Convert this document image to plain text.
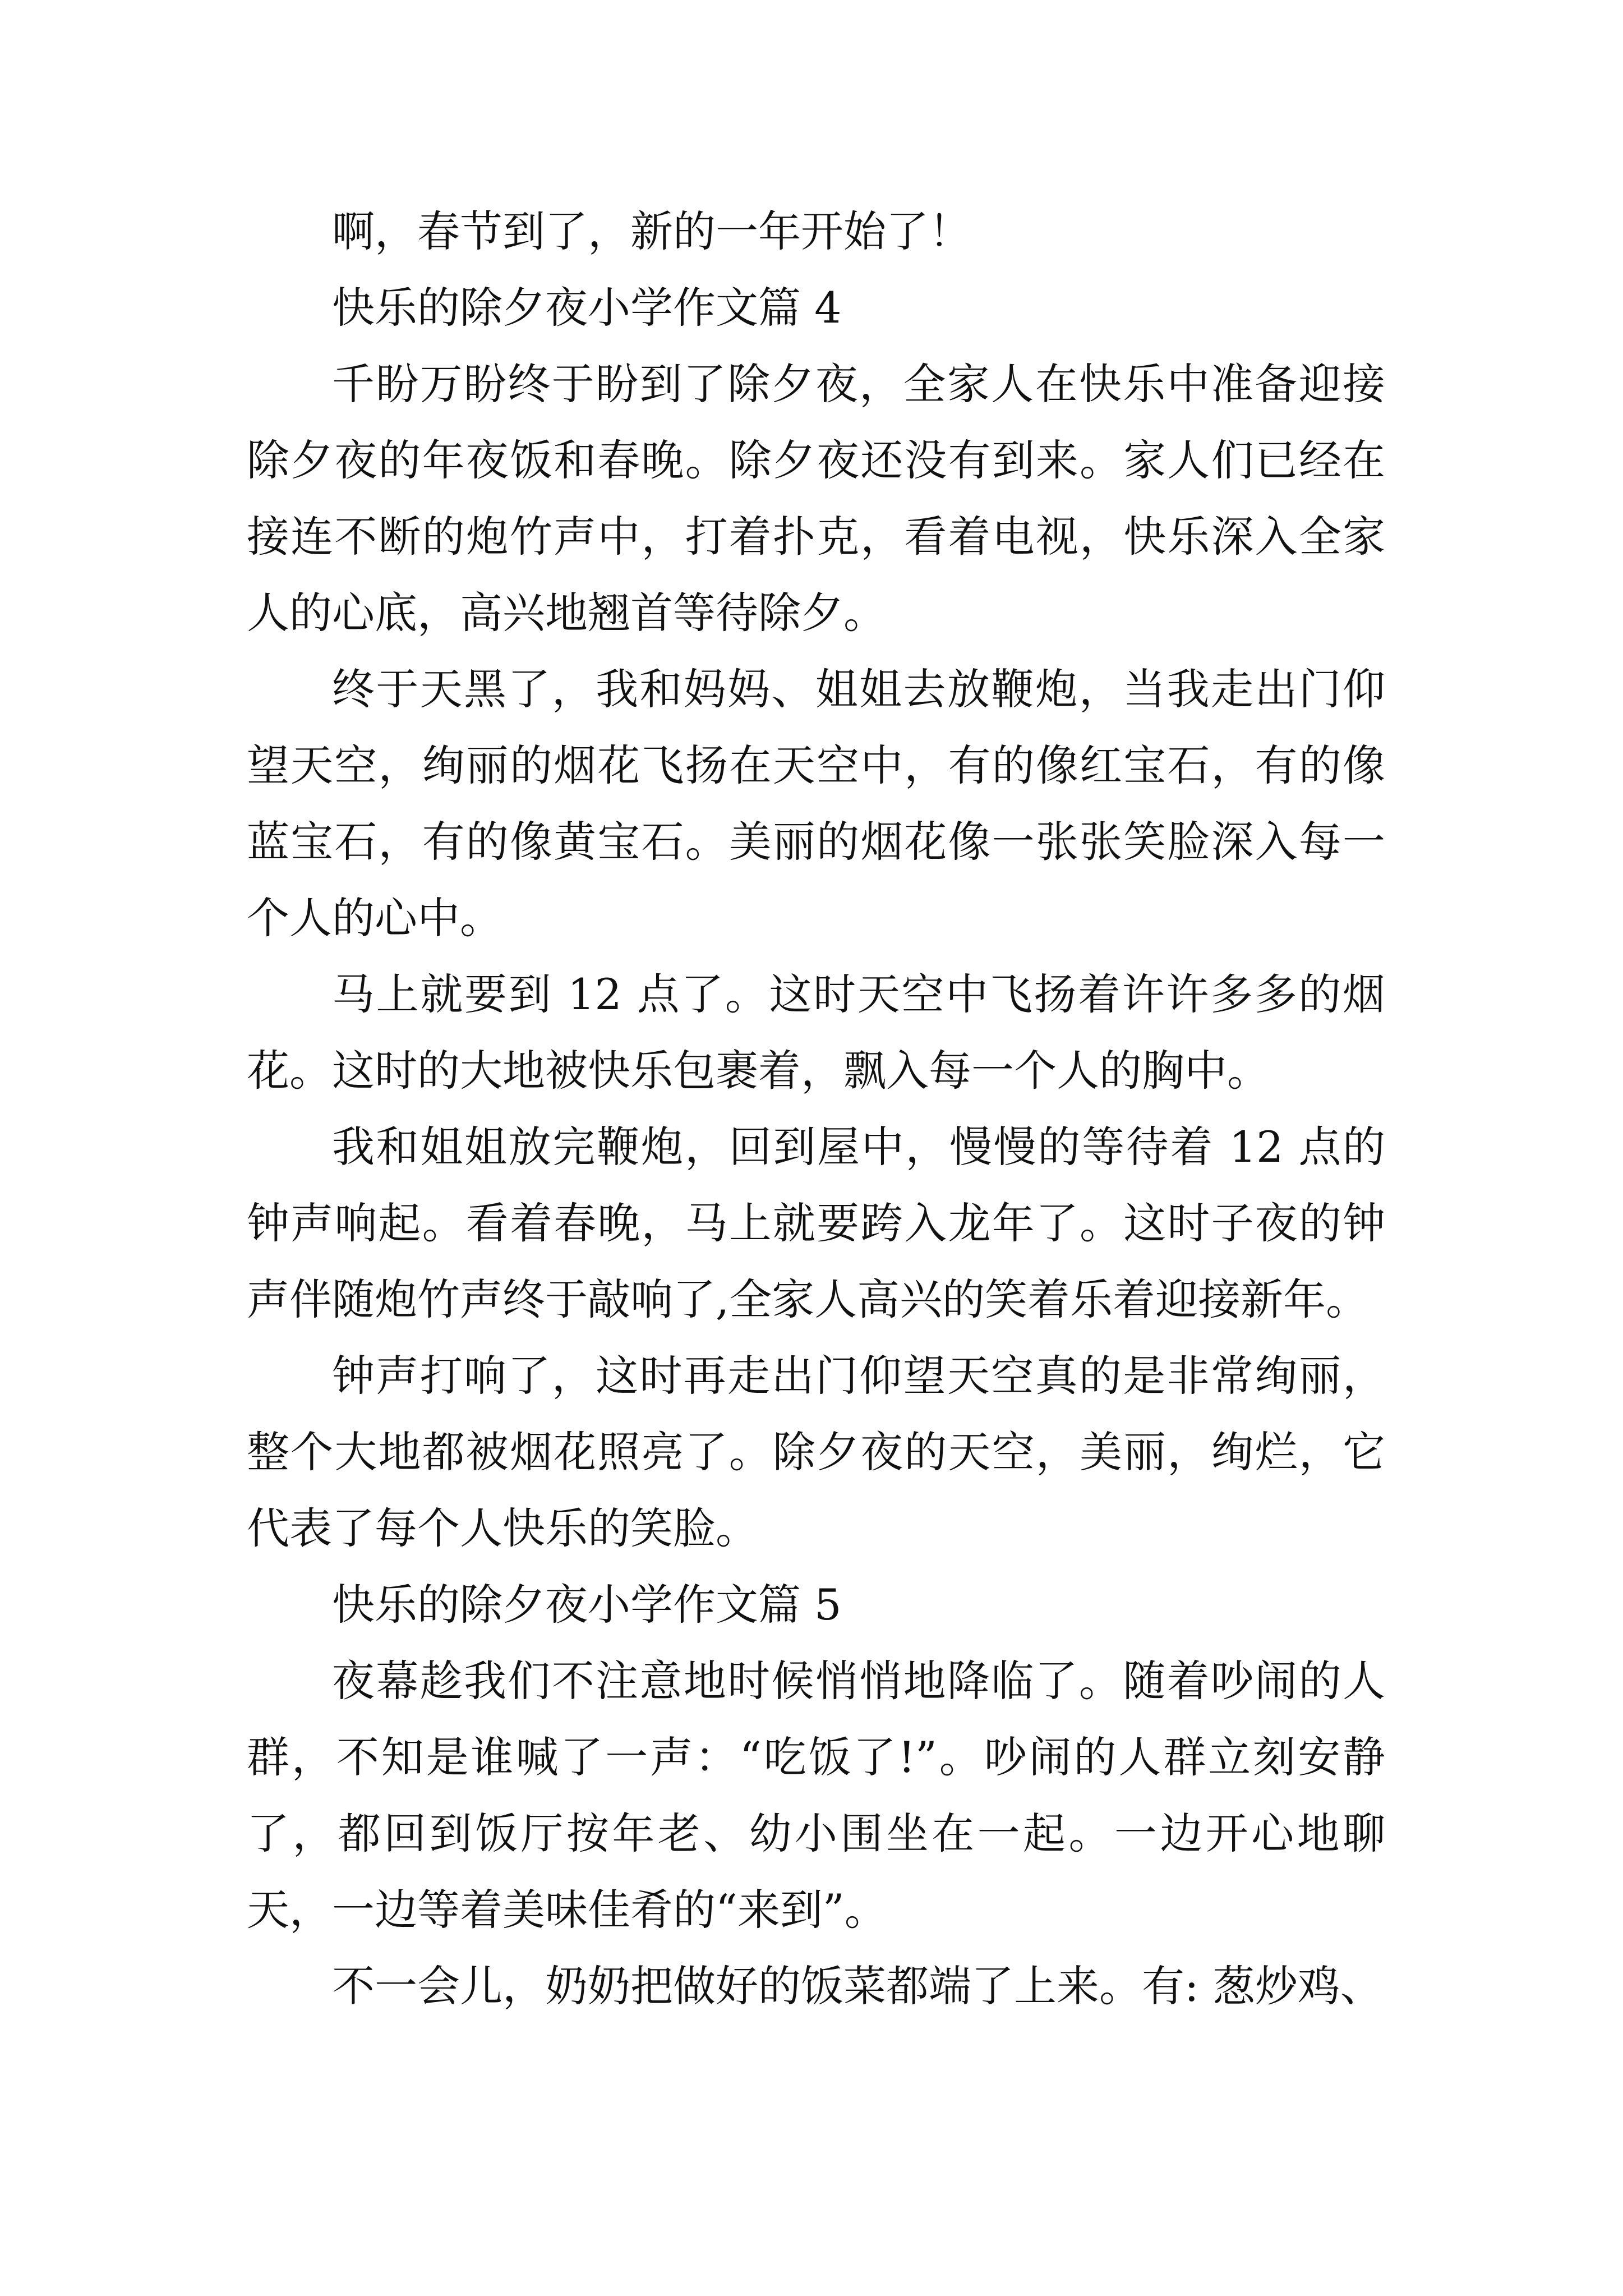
啊，春节到了，新的一年开始了！

快乐的除夕夜小学作文篇 4

千盼万盼终于盼到了除夕夜，全家人在快乐中准备迎接除夕夜的年夜饭和春晚。除夕夜还没有到来。家人们已经在接连不断的炮竹声中，打着扑克，看着电视，快乐深入全家人的心底，高兴地翘首等待除夕。

终于天黑了，我和妈妈、姐姐去放鞭炮，当我走出门仰望天空，绚丽的烟花飞扬在天空中，有的像红宝石，有的像蓝宝石，有的像黄宝石。美丽的烟花像一张张笑脸深入每一个人的心中。

马上就要到 12 点了。这时天空中飞扬着许许多多的烟花。这时的大地被快乐包裹着，飘入每一个人的胸中。

我和姐姐放完鞭炮，回到屋中，慢慢的等待着 12 点的钟声响起。看着春晚，马上就要跨入龙年了。这时子夜的钟声伴随炮竹声终于敲响了,全家人高兴的笑着乐着迎接新年。

钟声打响了，这时再走出门仰望天空真的是非常绚丽，整个大地都被烟花照亮了。除夕夜的天空，美丽，绚烂，它代表了每个人快乐的笑脸。

快乐的除夕夜小学作文篇 5

夜幕趁我们不注意地时候悄悄地降临了。随着吵闹的人群，不知是谁喊了一声：“吃饭了!”。吵闹的人群立刻安静了，都回到饭厅按年老、幼小围坐在一起。一边开心地聊天，一边等着美味佳肴的“来到”。

不一会儿，奶奶把做好的饭菜都端了上来。有: 葱炒鸡、
